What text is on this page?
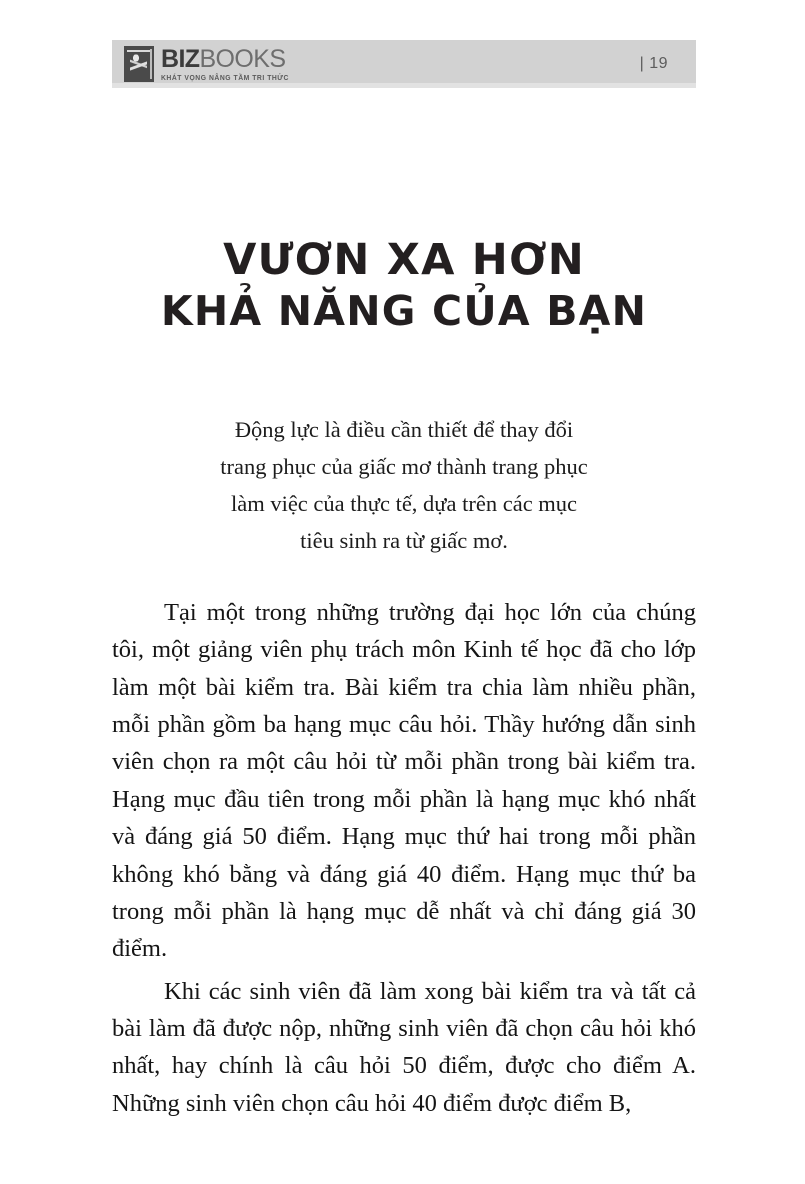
BIZBOOKS
KHÁT VỌNG NÂNG TẦM TRI THỨC
| 19
VƯƠN XA HƠN
KHẢ NĂNG CỦA BẠN
Động lực là điều cần thiết để thay đổi
trang phục của giấc mơ thành trang phục
làm việc của thực tế, dựa trên các mục
tiêu sinh ra từ giấc mơ.

Tại một trong những trường đại học lớn của chúng tôi, một giảng viên phụ trách môn Kinh tế học đã cho lớp làm một bài kiểm tra. Bài kiểm tra chia làm nhiều phần, mỗi phần gồm ba hạng mục câu hỏi. Thầy hướng dẫn sinh viên chọn ra một câu hỏi từ mỗi phần trong bài kiểm tra. Hạng mục đầu tiên trong mỗi phần là hạng mục khó nhất và đáng giá 50 điểm. Hạng mục thứ hai trong mỗi phần không khó bằng và đáng giá 40 điểm. Hạng mục thứ ba trong mỗi phần là hạng mục dễ nhất và chỉ đáng giá 30 điểm.

Khi các sinh viên đã làm xong bài kiểm tra và tất cả bài làm đã được nộp, những sinh viên đã chọn câu hỏi khó nhất, hay chính là câu hỏi 50 điểm, được cho điểm A. Những sinh viên chọn câu hỏi 40 điểm được điểm B,
